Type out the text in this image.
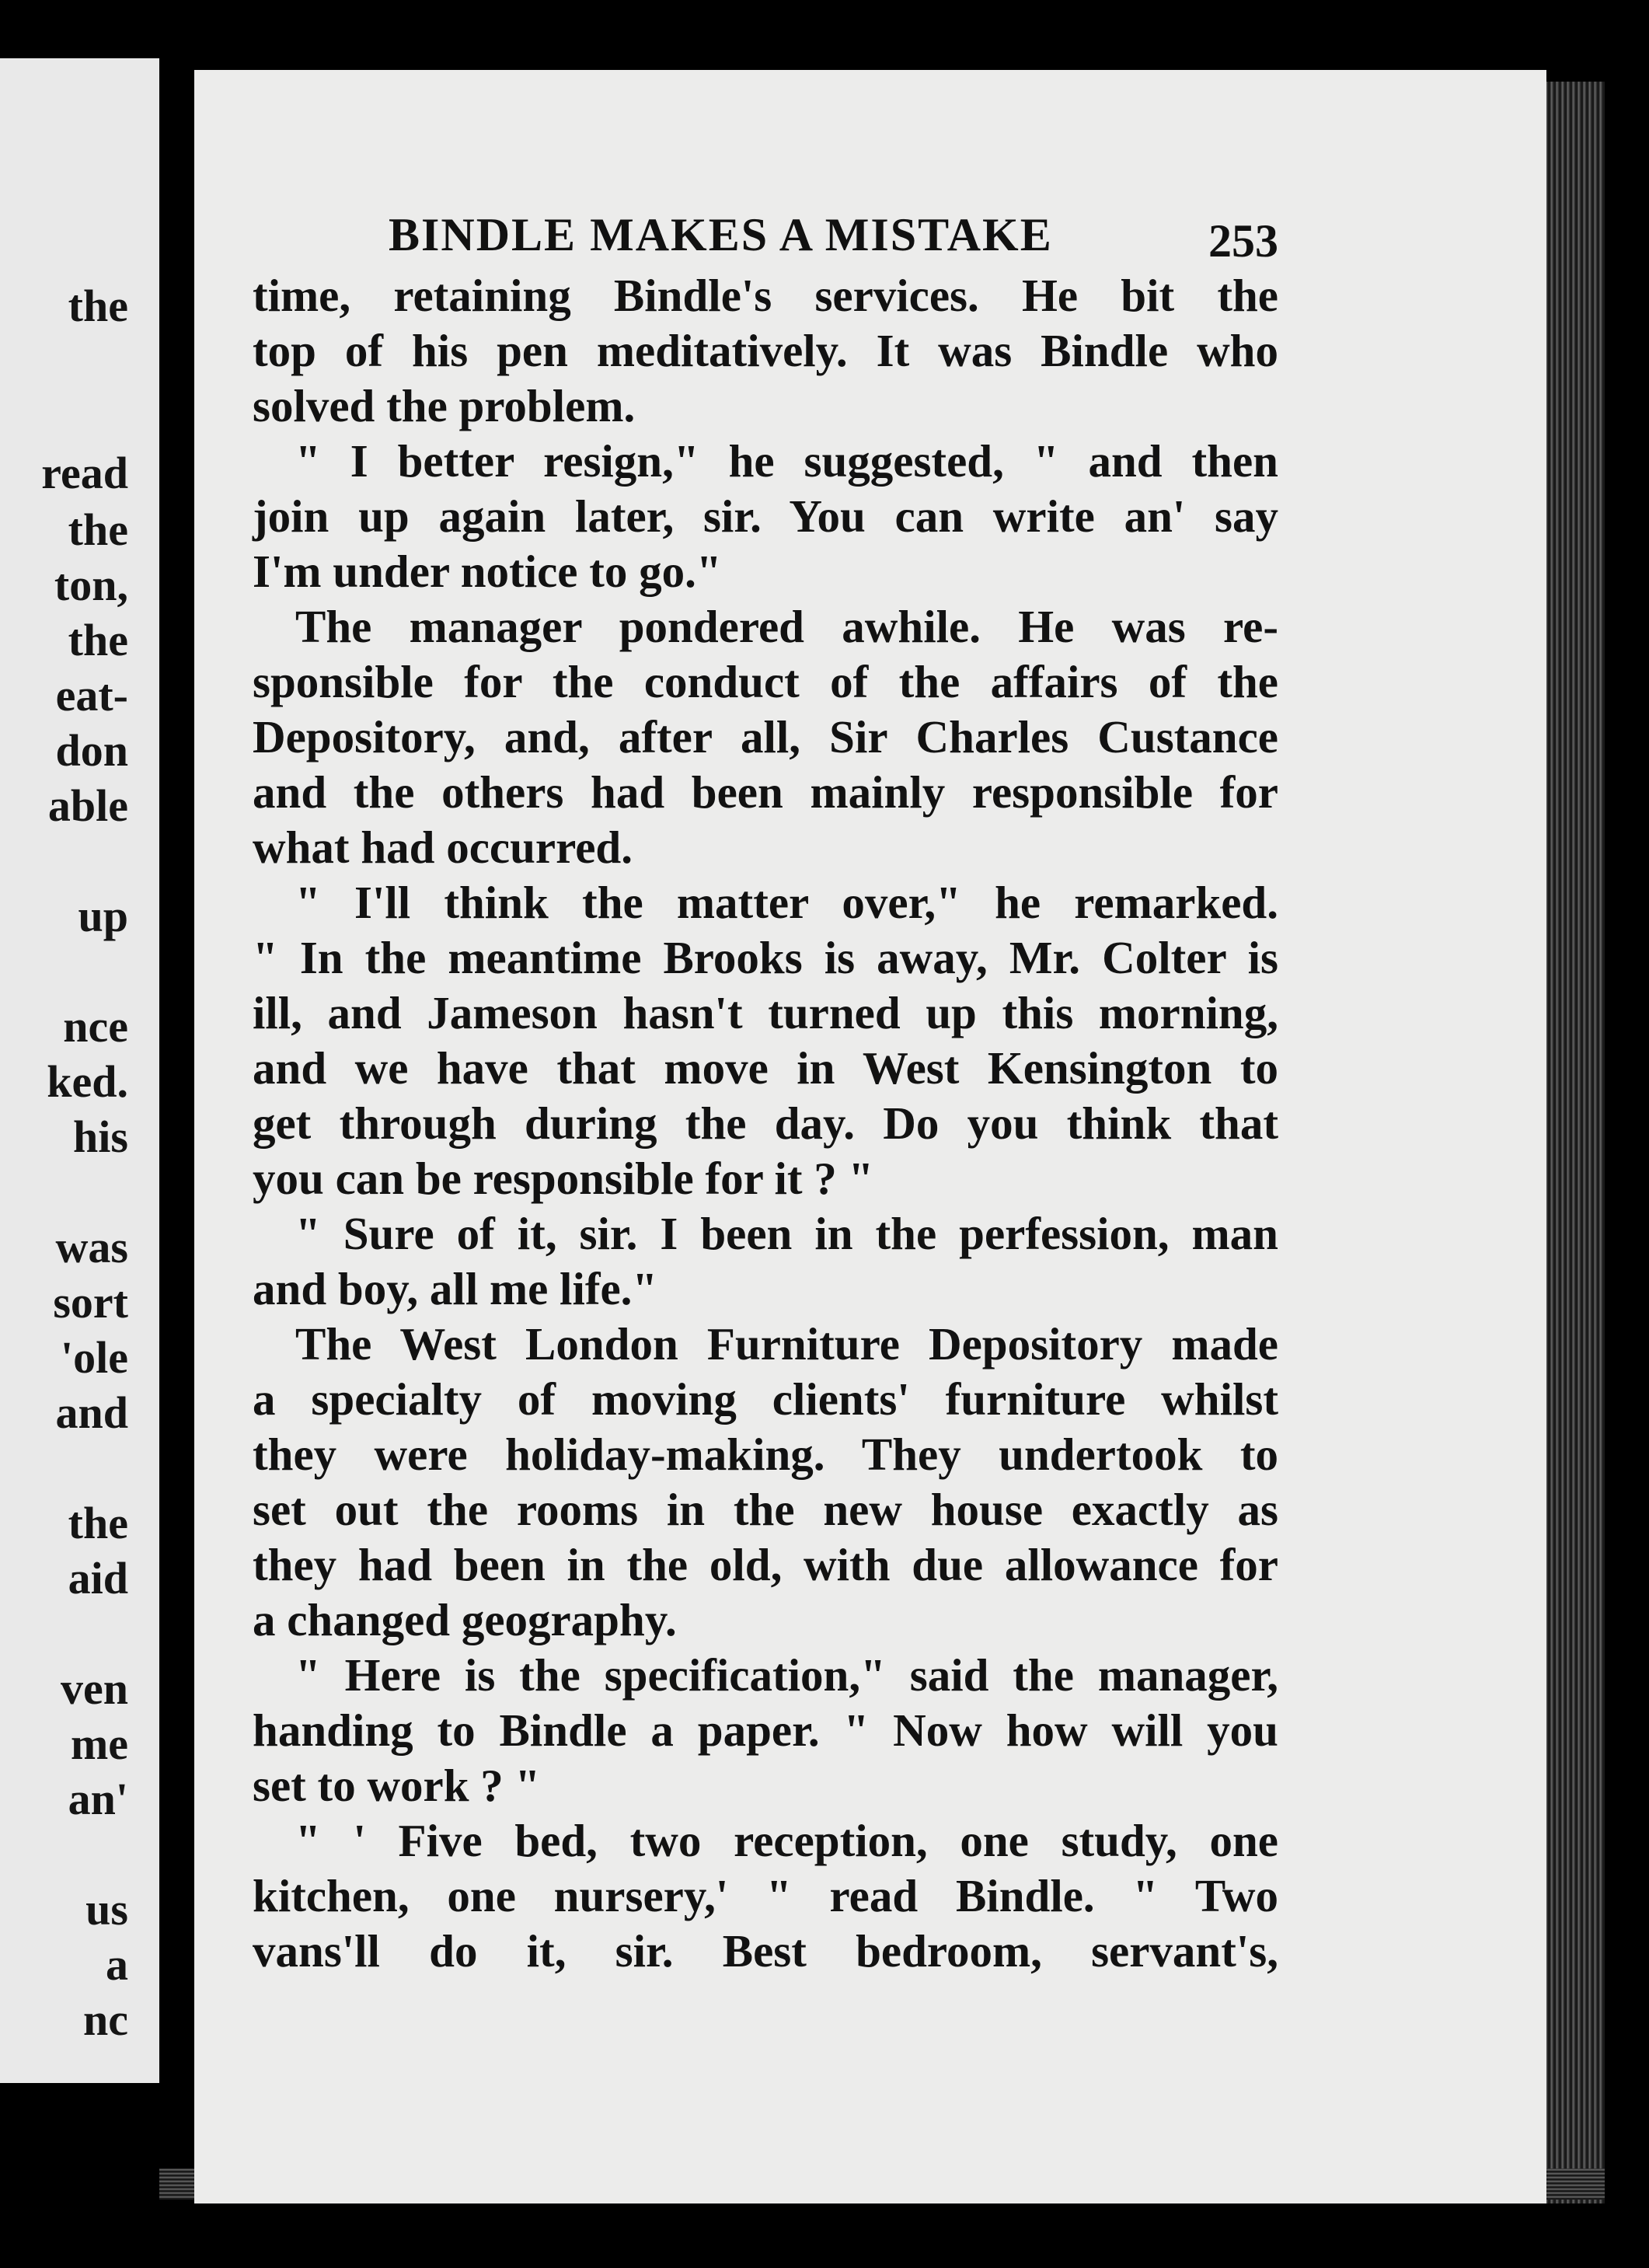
the
read
the
ton,
the
eat-
don
able
up
nce
ked.
his
was
sort
'ole
and
the
aid
ven
me
an'
us
a
nc
BINDLE MAKES A MISTAKE	253
time, retaining Bindle's services. He bit the
top of his pen meditatively. It was Bindle who
solved the problem.
" I better resign," he suggested, " and then
join up again later, sir. You can write an' say
I'm under notice to go."
The manager pondered awhile. He was re-
sponsible for the conduct of the affairs of the
Depository, and, after all, Sir Charles Custance
and the others had been mainly responsible for
what had occurred.
" I'll think the matter over," he remarked.
" In the meantime Brooks is away, Mr. Colter is
ill, and Jameson hasn't turned up this morning,
and we have that move in West Kensington to
get through during the day. Do you think that
you can be responsible for it ? "
" Sure of it, sir. I been in the perfession, man
and boy, all me life."
The West London Furniture Depository made
a specialty of moving clients' furniture whilst
they were holiday-making. They undertook to
set out the rooms in the new house exactly as
they had been in the old, with due allowance for
a changed geography.
" Here is the specification," said the manager,
handing to Bindle a paper. " Now how will you
set to work ? "
" ' Five bed, two reception, one study, one
kitchen, one nursery,' " read Bindle. " Two
vans'll do it, sir. Best bedroom, servant's,
